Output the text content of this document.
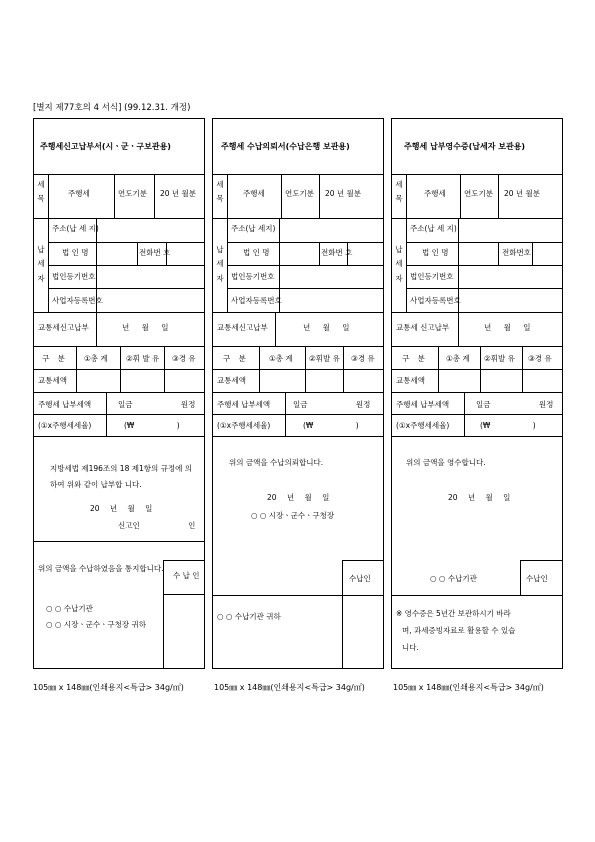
[별지 제77호의 4 서식] (99.12.31. 개정)
주행세신고납부서(시ㆍ군ㆍ구보관용)
세 목
주행세	연도기분 20 년 월분
납 세 자
주소(납 세 지)
법 인 명	전화번 호
법인등기번호
사업자등록번호
교통세신고납부	년 월 일
구 분	①총 계 ②휘 발 유 ③경 유
교통세액
주행세 납부세액	일금 원정
(①ⅹ주행세세율)	(₩ )
지방세법 제196조의 18 제1항의 규정에 의
하여 위와 같이 납부합 니다.
20 년 월 일
신고인 인
위의 금액을 수납하였음을 통지합니다.
수 납 인
○ ○ 수납기관
○ ○ 시장ㆍ군수ㆍ구청장 귀하
105㎜ x 148㎜(인쇄용지<특급> 34g/㎡)
주행세 수납의뢰서(수납은행 보관용)
세 목
주행세	연도기분 20 년 월분
납 세 자
주소(납 세지)
법 인 명	전화번 호
법인등기번호
사업자등록번호
교통세신고납부	년 월 일
구 분	①총 계 ②휘발 유 ③경 유
교통세액
주행세 납부세액	일금 원정
(①ⅹ주행세세율)	(₩ )
위의 금액을 수납의뢰합니다.
20 년 월 일
○ ○ 시장ㆍ군수ㆍ구청장
수납인
○ ○ 수납기관 귀하
105㎜ x 148㎜(인쇄용지<특급> 34g/㎡)
주행세 납부영수증(납세자 보관용)
세 목
주행세 연도기분 20 년 월분
납 세 자
주소(납 세 지)
법 인 명	전화번호
법인등기번호
사업자등록번호
교통세 신고납부	년 월 일
구 분	①총 계 ②휘발 유 ③경 유
교통세액
주행세 납부세액	일금 원정
(①ⅹ주행세세율)	(₩ )
위의 금액을 영수합니다.
20 년 월 일
○ ○ 수납기관	수납인
※ 영수증은 5년간 보관하시기 바라
며, 과세증빙자료로 활용할 수 있습
니다.
105㎜ x 148㎜(인쇄용지<특급> 34g/㎡)
